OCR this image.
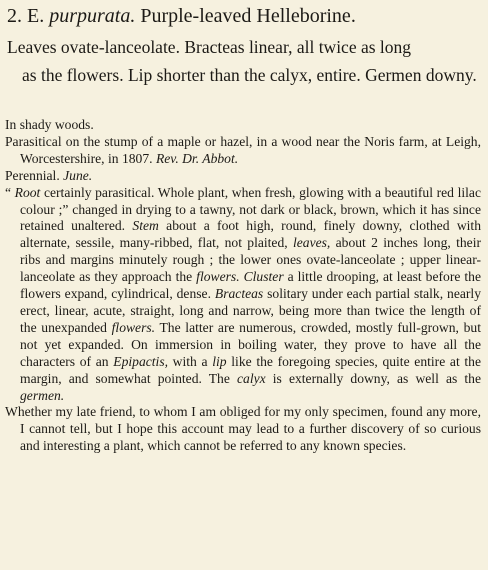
2. E. purpurata. Purple-leaved Helleborine.
Leaves ovate-lanceolate. Bracteas linear, all twice as long
as the flowers. Lip shorter than the calyx, entire. Germen downy.

In shady woods.

Parasitical on the stump of a maple or hazel, in a wood near the Noris farm, at Leigh, Worcestershire, in 1807. Rev. Dr. Abbot.

Perennial. June.

“ Root certainly parasitical. Whole plant, when fresh, glowing with a beautiful red lilac colour ;” changed in drying to a tawny, not dark or black, brown, which it has since retained unaltered. Stem about a foot high, round, finely downy, clothed with alternate, sessile, many-ribbed, flat, not plaited, leaves, about 2 inches long, their ribs and margins minutely rough ; the lower ones ovate-lanceolate ; upper linear-lanceolate as they approach the flowers. Cluster a little drooping, at least before the flowers expand, cylindrical, dense. Bracteas solitary under each partial stalk, nearly erect, linear, acute, straight, long and narrow, being more than twice the length of the unexpanded flowers. The latter are numerous, crowded, mostly full-grown, but not yet expanded. On immersion in boiling water, they prove to have all the characters of an Epipactis, with a lip like the foregoing species, quite entire at the margin, and somewhat pointed. The calyx is externally downy, as well as the germen.

Whether my late friend, to whom I am obliged for my only specimen, found any more, I cannot tell, but I hope this account may lead to a further discovery of so curious and interesting a plant, which cannot be referred to any known species.
